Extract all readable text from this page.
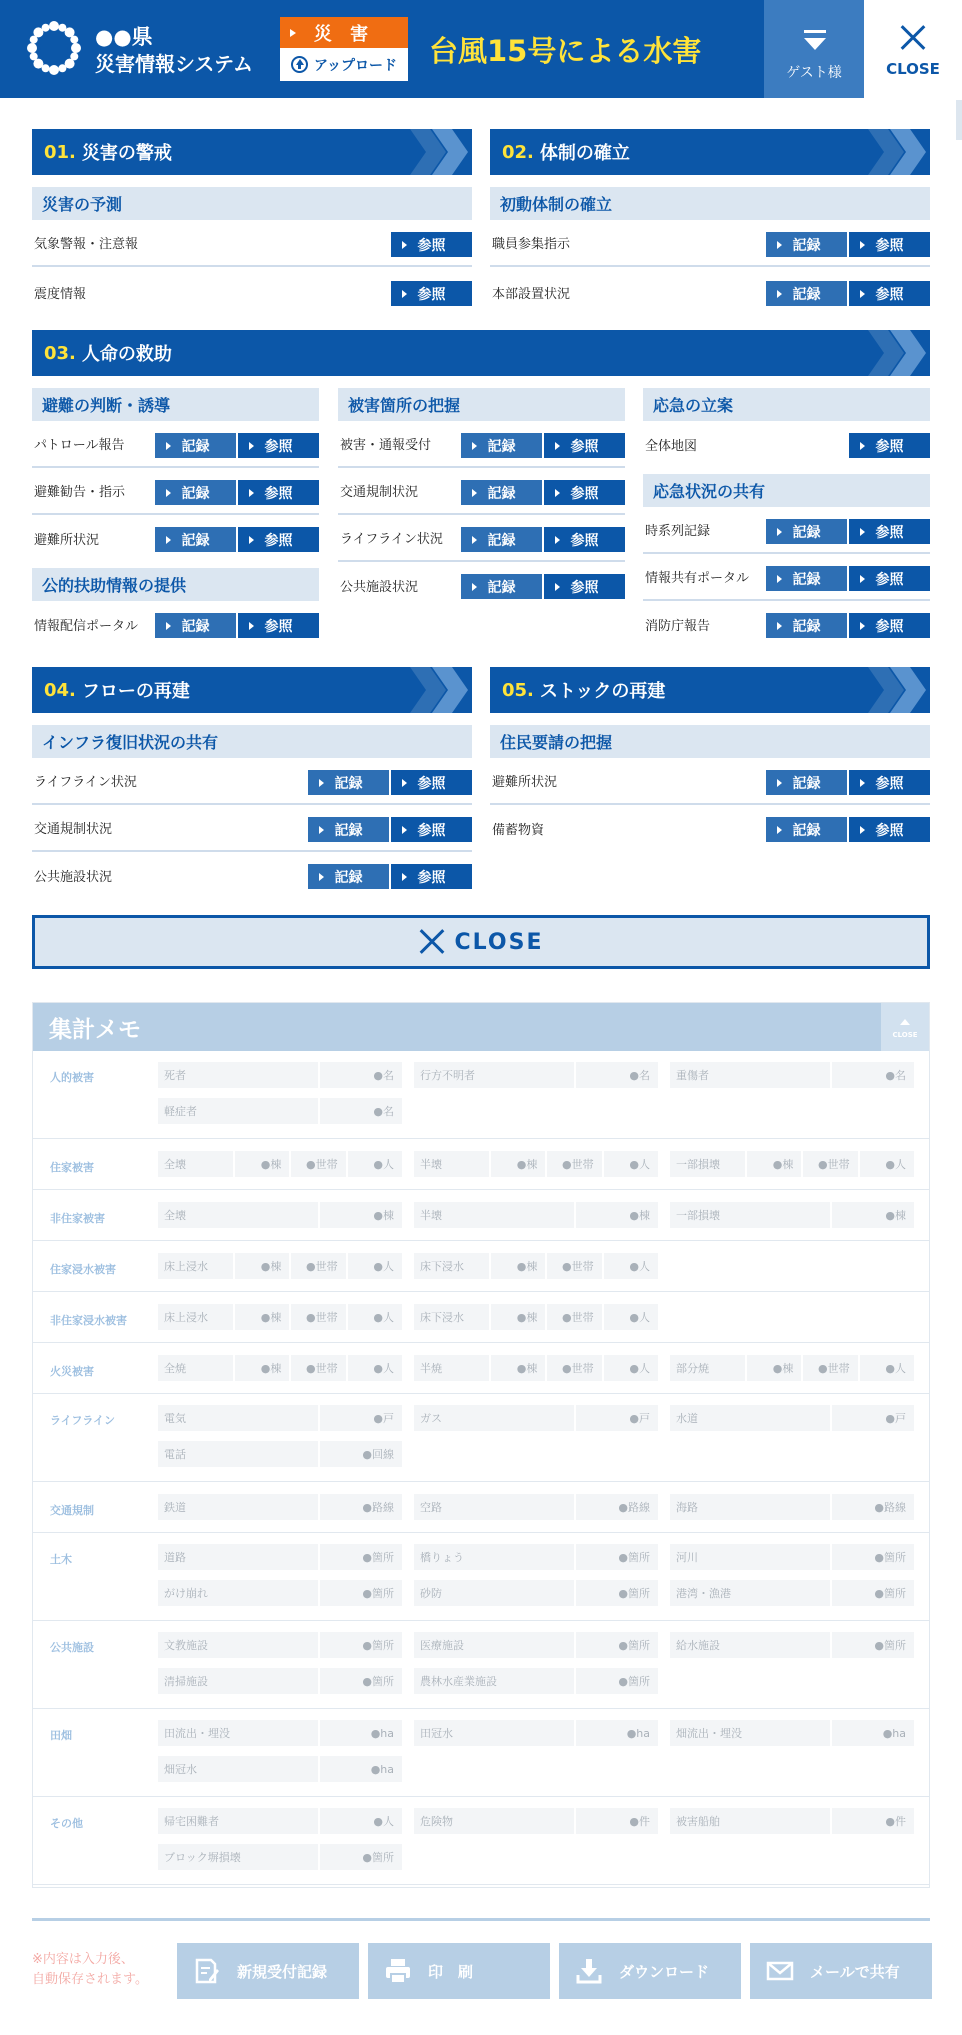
●●県
災害情報システム
災 害
アップロード 台風15号による水害
ゲスト様	CLOSE
01. 災害の警戒
災害の予測
気象警報・注意報	参照
震度情報	参照
02. 体制の確立
初動体制の確立
職員参集指示	記録	参照
本部設置状況	記録	参照
03. 人命の救助
避難の判断・誘導
パトロール報告	記録	参照
避難勧告・指示	記録	参照
避難所状況	記録	参照
公的扶助情報の提供
情報配信ポータル	記録	参照
被害箇所の把握
被害・通報受付	記録	参照
交通規制状況	記録	参照
ライフライン状況	記録	参照
公共施設状況	記録	参照
応急の立案
全体地図	参照
応急状況の共有
時系列記録	記録	参照
情報共有ポータル	記録	参照
消防庁報告	記録	参照
04. フローの再建
インフラ復旧状況の共有
ライフライン状況	記録	参照
交通規制状況	記録	参照
公共施設状況	記録	参照
05. ストックの再建
住民要請の把握
避難所状況	記録	参照
備蓄物資	記録	参照
CLOSE
集計メモ	CLOSE
人的被害	死者	●名	行方不明者	●名	重傷者	●名
軽症者	●名
住家被害	全壊	●棟	●世帯	●人	半壊	●棟	●世帯	●人	一部損壊	●棟	●世帯	●人
非住家被害	全壊	●棟	半壊	●棟	一部損壊	●棟
住家浸水被害	床上浸水	●棟	●世帯	●人	床下浸水	●棟	●世帯	●人
非住家浸水被害	床上浸水	●棟	●世帯	●人	床下浸水	●棟	●世帯	●人
火災被害	全焼	●棟	●世帯	●人	半焼	●棟	●世帯	●人	部分焼	●棟	●世帯	●人
ライフライン	電気	●戸	ガス	●戸	水道	●戸
電話	●回線
交通規制	鉄道	●路線	空路	●路線	海路	●路線
土木	道路	●箇所	橋りょう	●箇所	河川	●箇所
がけ崩れ	●箇所	砂防	●箇所	港湾・漁港	●箇所
公共施設	文教施設	●箇所	医療施設	●箇所	給水施設	●箇所
清掃施設	●箇所	農林水産業施設	●箇所
田畑	田流出・埋没	●ha	田冠水	●ha	畑流出・埋没	●ha
畑冠水	●ha
その他	帰宅困難者	●人	危険物	●件	被害船舶	●件
ブロック塀損壊	●箇所
※内容は入力後、
自動保存されます。	新規受付記録	印　刷	ダウンロード	メールで共有
